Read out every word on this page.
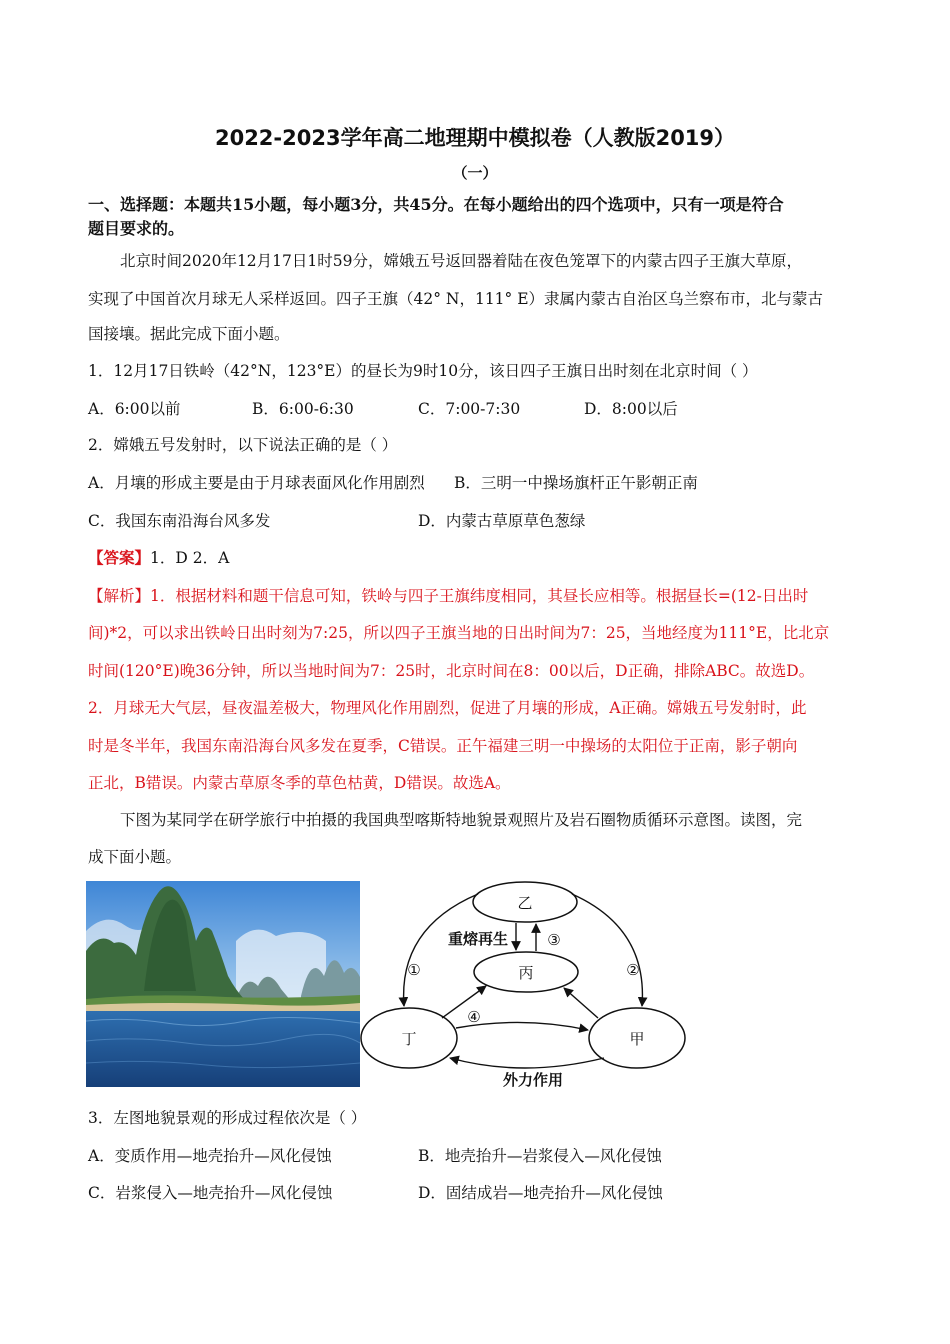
2022-2023学年高二地理期中模拟卷（人教版2019）
（一）
一、选择题：本题共15小题，每小题3分，共45分。在每小题给出的四个选项中，只有一项是符合
题目要求的。
北京时间2020年12月17日1时59分，嫦娥五号返回器着陆在夜色笼罩下的内蒙古四子王旗大草原，
实现了中国首次月球无人采样返回。四子王旗（42° N，111° E）隶属内蒙古自治区乌兰察布市，北与蒙古
国接壤。据此完成下面小题。
1．12月17日铁岭（42°N，123°E）的昼长为9时10分，该日四子王旗日出时刻在北京时间（ ）
A．6:00以前	B．6:00-6:30	C．7:00-7:30	D．8:00以后
2．嫦娥五号发射时，以下说法正确的是（ ）
A．月壤的形成主要是由于月球表面风化作用剧烈 B．三明一中操场旗杆正午影朝正南
C．我国东南沿海台风多发	D．内蒙古草原草色葱绿
【答案】1．D 2．A
【解析】1．根据材料和题干信息可知，铁岭与四子王旗纬度相同，其昼长应相等。根据昼长=(12-日出时
间)*2，可以求出铁岭日出时刻为7:25，所以四子王旗当地的日出时间为7：25，当地经度为111°E，比北京
时间(120°E)晚36分钟，所以当地时间为7：25时，北京时间在8：00以后，D正确，排除ABC。故选D。
2．月球无大气层，昼夜温差极大，物理风化作用剧烈，促进了月壤的形成，A正确。嫦娥五号发射时，此
时是冬半年，我国东南沿海台风多发在夏季，C错误。正午福建三明一中操场的太阳位于正南，影子朝向
正北，B错误。内蒙古草原冬季的草色枯黄，D错误。故选A。
下图为某同学在研学旅行中拍摄的我国典型喀斯特地貌景观照片及岩石圈物质循环示意图。读图，完
成下面小题。
乙
丙
丁	甲
①	②
③
④
重熔再生
外力作用
3．左图地貌景观的形成过程依次是（ ）
A．变质作用—地壳抬升—风化侵蚀	B．地壳抬升—岩浆侵入—风化侵蚀
C．岩浆侵入—地壳抬升—风化侵蚀	D．固结成岩—地壳抬升—风化侵蚀
